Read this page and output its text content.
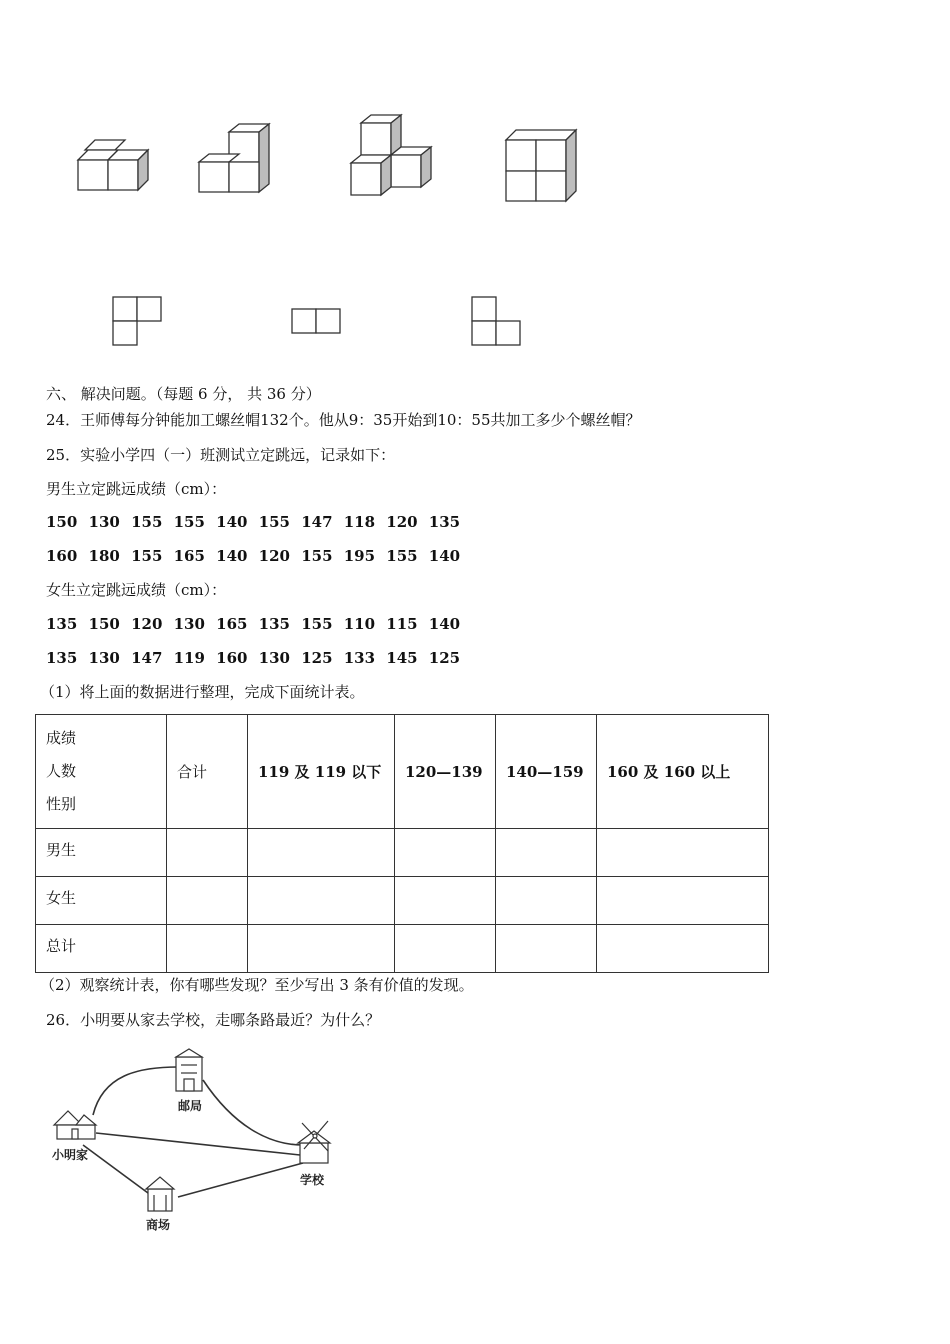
六、 解决问题。（每题 6 分， 共 36 分）
24．王师傅每分钟能加工螺丝帽132个。他从9：35开始到10：55共加工多少个螺丝帽？
25．实验小学四（一）班测试立定跳远，记录如下：
男生立定跳远成绩（cm）：
150 130 155 155 140 155 147 118 120 135
160 180 155 165 140 120 155 195 155 140
女生立定跳远成绩（cm）：
135 150 120 130 165 135 155 110 115 140
135 130 147 119 160 130 125 133 145 125
（1）将上面的数据进行整理，完成下面统计表。
成绩
人数
性别	合计	119 及 119 以下	120—139	140—159	160 及 160 以上
男生					
女生					
总计					
（2）观察统计表，你有哪些发现？至少写出 3 条有价值的发现。
26．小明要从家去学校，走哪条路最近？为什么？
小明家
邮局
学校
商场
